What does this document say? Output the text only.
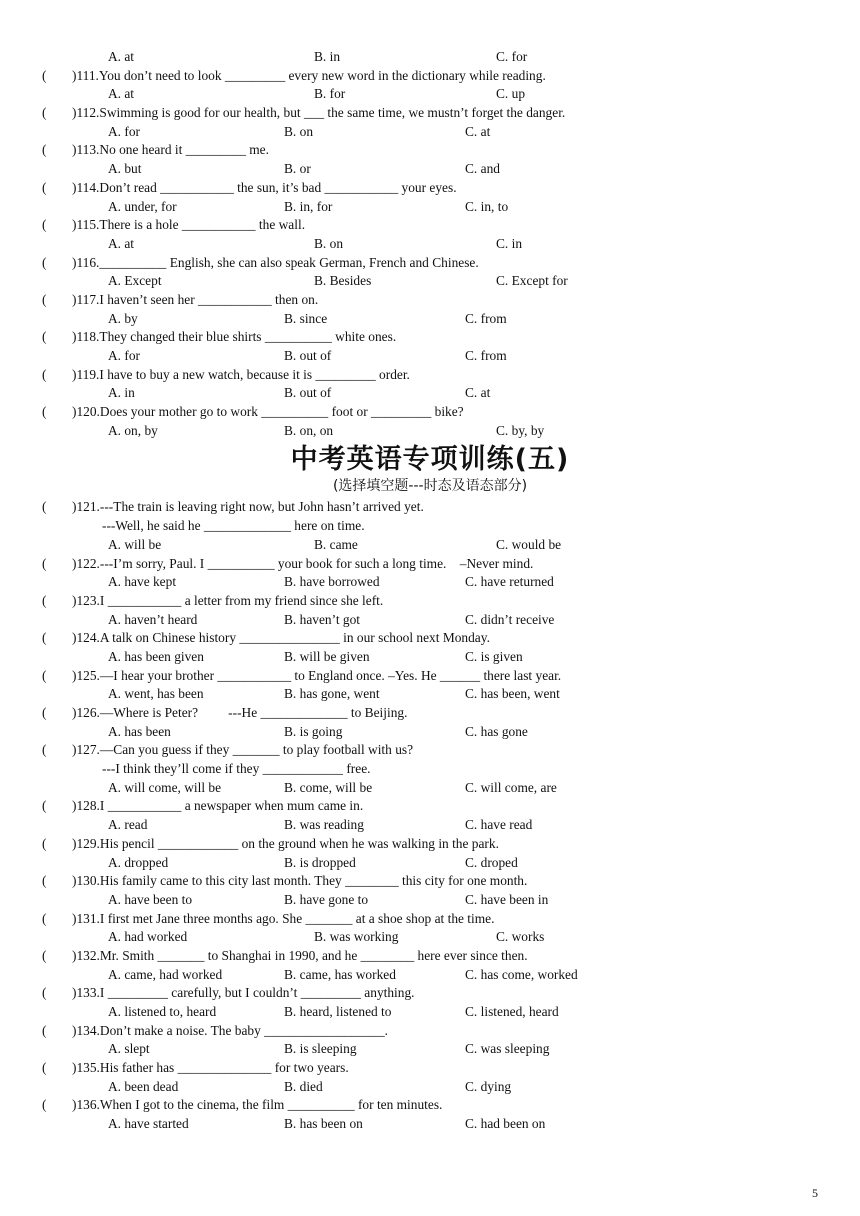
A. at	B. in	C. for
( )111.You don’t need to look _________ every new word in the dictionary while reading.
A. at	B. for	C. up
( )112.Swimming is good for our health, but ___ the same time, we mustn’t forget the danger.
A. for	B. on	C. at
( )113.No one heard it _________ me.
A. but	B. or	C. and
( )114.Don’t read ___________ the sun, it’s bad ___________ your eyes.
A. under, for	B. in, for	C. in, to
( )115.There is a hole ___________ the wall.
A. at	B. on	C. in
( )116.__________ English, she can also speak German, French and Chinese.
A. Except	B. Besides	C. Except for
( )117.I haven’t seen her ___________ then on.
A. by	B. since	C. from
( )118.They changed their blue shirts __________ white ones.
A. for	B. out of	C. from
( )119.I have to buy a new watch, because it is _________ order.
A. in	B. out of	C. at
( )120.Does your mother go to work __________ foot or _________ bike?
A. on, by	B. on, on	C. by, by
中考英语专项训练(五)
(选择填空题---时态及语态部分)
( )121.---The train is leaving right now, but John hasn’t arrived yet.
---Well, he said he _____________ here on time.
A. will be	B. came	C. would be
( )122.---I’m sorry, Paul. I __________ your book for such a long time.    –Never mind.
A. have kept	B. have borrowed	C. have returned
( )123.I ___________ a letter from my friend since she left.
A. haven’t heard	B. haven’t got	C. didn’t receive
( )124.A talk on Chinese history _______________ in our school next Monday.
A. has been given	B. will be given	C. is given
( )125.—I hear your brother ___________ to England once. –Yes. He ______ there last year.
A. went, has been	B. has gone, went	C. has been, went
( )126.—Where is Peter?         ---He _____________ to Beijing.
A. has been	B. is going	C. has gone
( )127.—Can you guess if they _______ to play football with us?
---I think they’ll come if they ____________ free.
A. will come, will be	B. come, will be	C. will come, are
( )128.I ___________ a newspaper when mum came in.
A. read	B. was reading	C. have read
( )129.His pencil ____________ on the ground when he was walking in the park.
A. dropped	B. is dropped	C. droped
( )130.His family came to this city last month. They ________ this city for one month.
A. have been to	B. have gone to	C. have been in
( )131.I first met Jane three months ago. She _______ at a shoe shop at the time.
A. had worked	B. was working	C. works
( )132.Mr. Smith _______ to Shanghai in 1990, and he ________ here ever since then.
A. came, had worked	B. came, has worked	C. has come, worked
( )133.I _________ carefully, but I couldn’t _________ anything.
A. listened to, heard	B. heard, listened to	C. listened, heard
( )134.Don’t make a noise. The baby __________________.
A. slept	B. is sleeping	C. was sleeping
( )135.His father has ______________ for two years.
A. been dead	B. died	C. dying
( )136.When I got to the cinema, the film __________ for ten minutes.
A. have started	B. has been on	C. had been on
5
